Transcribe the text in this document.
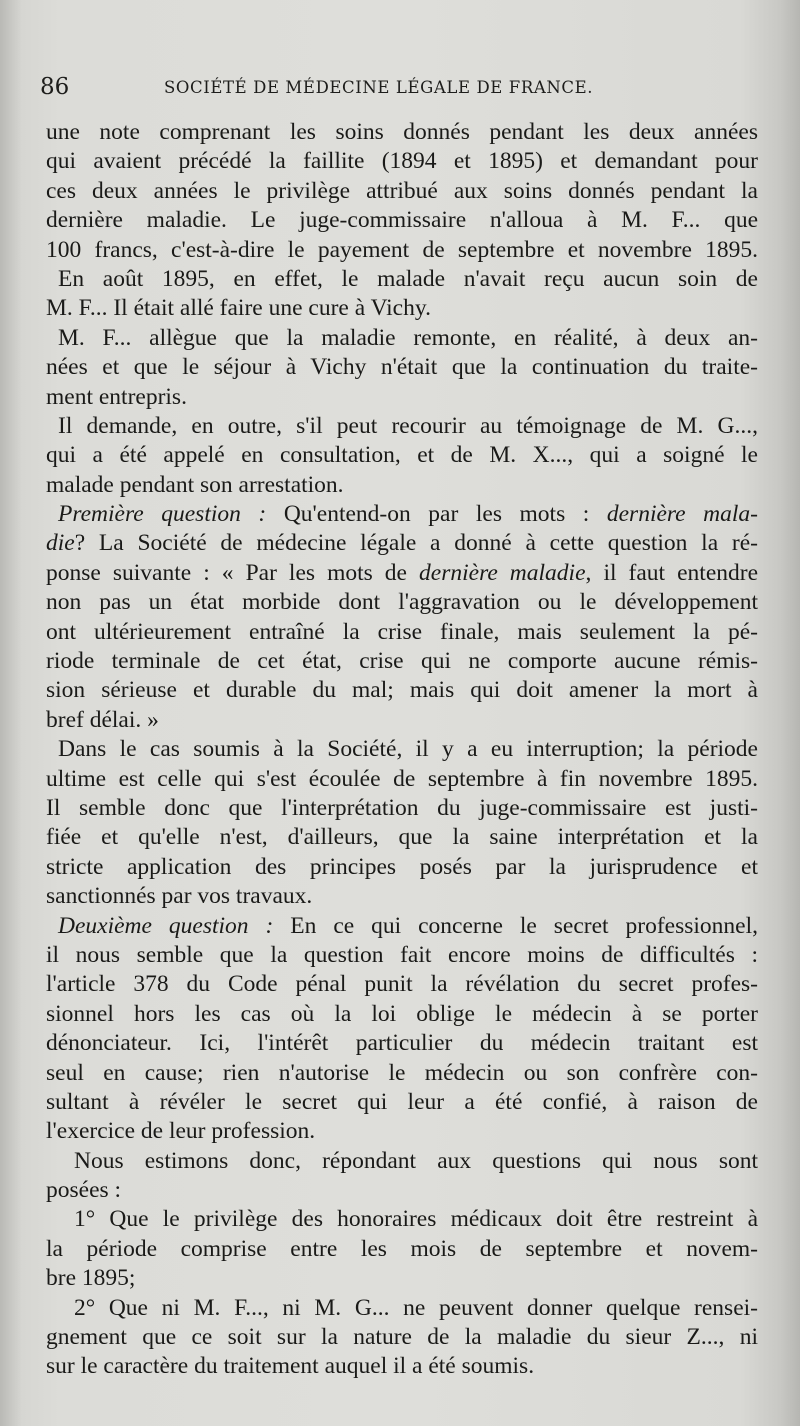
86	SOCIÉTÉ DE MÉDECINE LÉGALE DE FRANCE.
une note comprenant les soins donnés pendant les deux années
qui avaient précédé la faillite (1894 et 1895) et demandant pour
ces deux années le privilège attribué aux soins donnés pendant la
dernière maladie. Le juge-commissaire n'alloua à M. F... que
100 francs, c'est-à-dire le payement de septembre et novembre 1895.
En août 1895, en effet, le malade n'avait reçu aucun soin de
M. F... Il était allé faire une cure à Vichy.
M. F... allègue que la maladie remonte, en réalité, à deux an-
nées et que le séjour à Vichy n'était que la continuation du traite-
ment entrepris.
Il demande, en outre, s'il peut recourir au témoignage de M. G...,
qui a été appelé en consultation, et de M. X..., qui a soigné le
malade pendant son arrestation.
Première question : Qu'entend-on par les mots : dernière mala-
die? La Société de médecine légale a donné à cette question la ré-
ponse suivante : « Par les mots de dernière maladie, il faut entendre
non pas un état morbide dont l'aggravation ou le développement
ont ultérieurement entraîné la crise finale, mais seulement la pé-
riode terminale de cet état, crise qui ne comporte aucune rémis-
sion sérieuse et durable du mal; mais qui doit amener la mort à
bref délai. »
Dans le cas soumis à la Société, il y a eu interruption; la période
ultime est celle qui s'est écoulée de septembre à fin novembre 1895.
Il semble donc que l'interprétation du juge-commissaire est justi-
fiée et qu'elle n'est, d'ailleurs, que la saine interprétation et la
stricte application des principes posés par la jurisprudence et
sanctionnés par vos travaux.
Deuxième question : En ce qui concerne le secret professionnel,
il nous semble que la question fait encore moins de difficultés :
l'article 378 du Code pénal punit la révélation du secret profes-
sionnel hors les cas où la loi oblige le médecin à se porter
dénonciateur. Ici, l'intérêt particulier du médecin traitant est
seul en cause; rien n'autorise le médecin ou son confrère con-
sultant à révéler le secret qui leur a été confié, à raison de
l'exercice de leur profession.
Nous estimons donc, répondant aux questions qui nous sont
posées :
1° Que le privilège des honoraires médicaux doit être restreint à
la période comprise entre les mois de septembre et novem-
bre 1895;
2° Que ni M. F..., ni M. G... ne peuvent donner quelque rensei-
gnement que ce soit sur la nature de la maladie du sieur Z..., ni
sur le caractère du traitement auquel il a été soumis.
